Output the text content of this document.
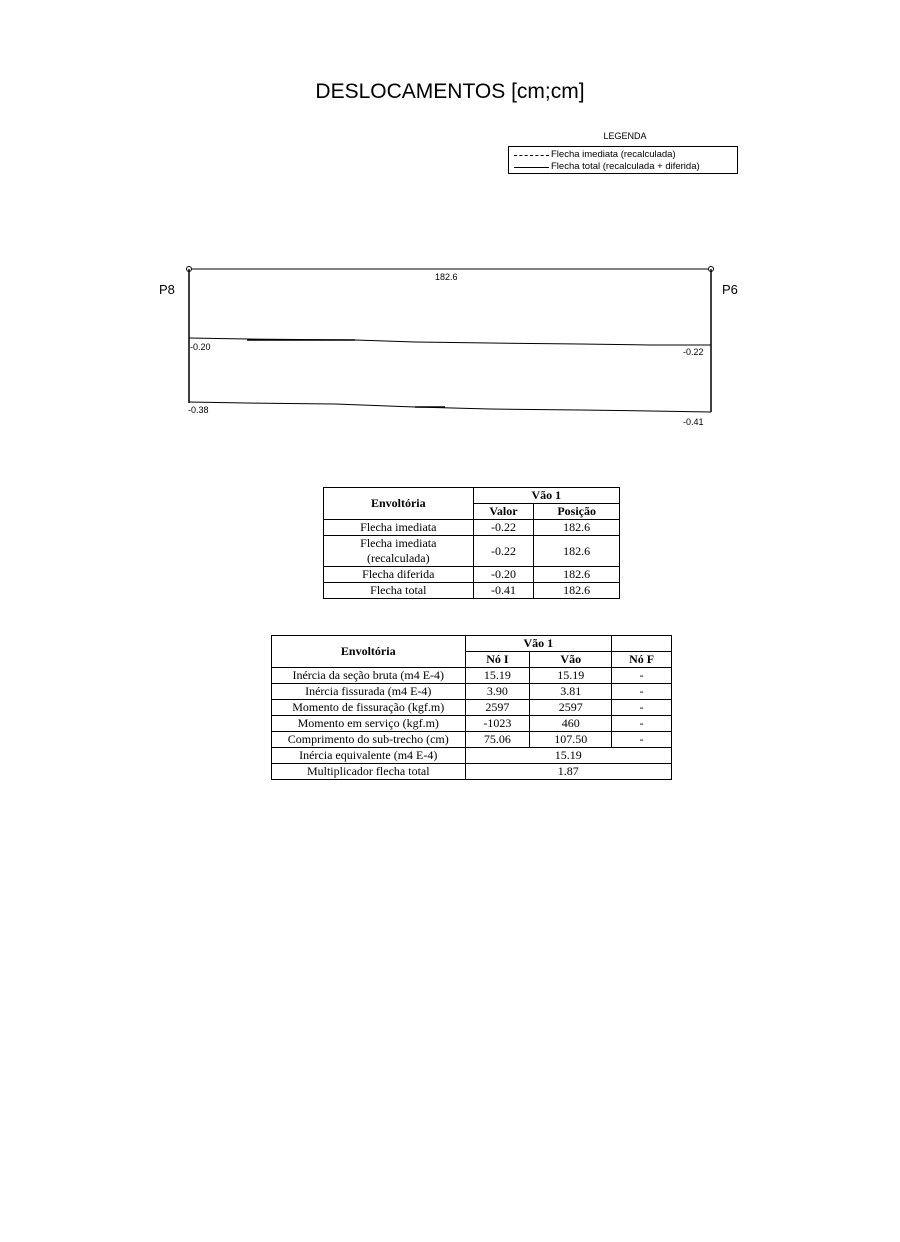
DESLOCAMENTOS [cm;cm]
LEGENDA
Flecha imediata (recalculada)
Flecha total (recalculada + diferida)
P8	P6
182.6
-0.20	-0.22
-0.38
-0.41
Envoltória	Vão 1	
	Valor	Posição
Flecha imediata	-0.22	182.6
Flecha imediata (recalculada)	-0.22	182.6
Flecha diferida	-0.20	182.6
Flecha total	-0.41	182.6
Envoltória	Vão 1		
	Nó I	Vão	Nó F
Inércia da seção bruta (m4 E-4)	15.19	15.19	-
Inércia fissurada (m4 E-4)	3.90	3.81	-
Momento de fissuração (kgf.m)	2597	2597	-
Momento em serviço (kgf.m)	-1023	460	-
Comprimento do sub-trecho (cm)	75.06	107.50	-
Inércia equivalente (m4 E-4)	15.19		
Multiplicador flecha total	1.87		
